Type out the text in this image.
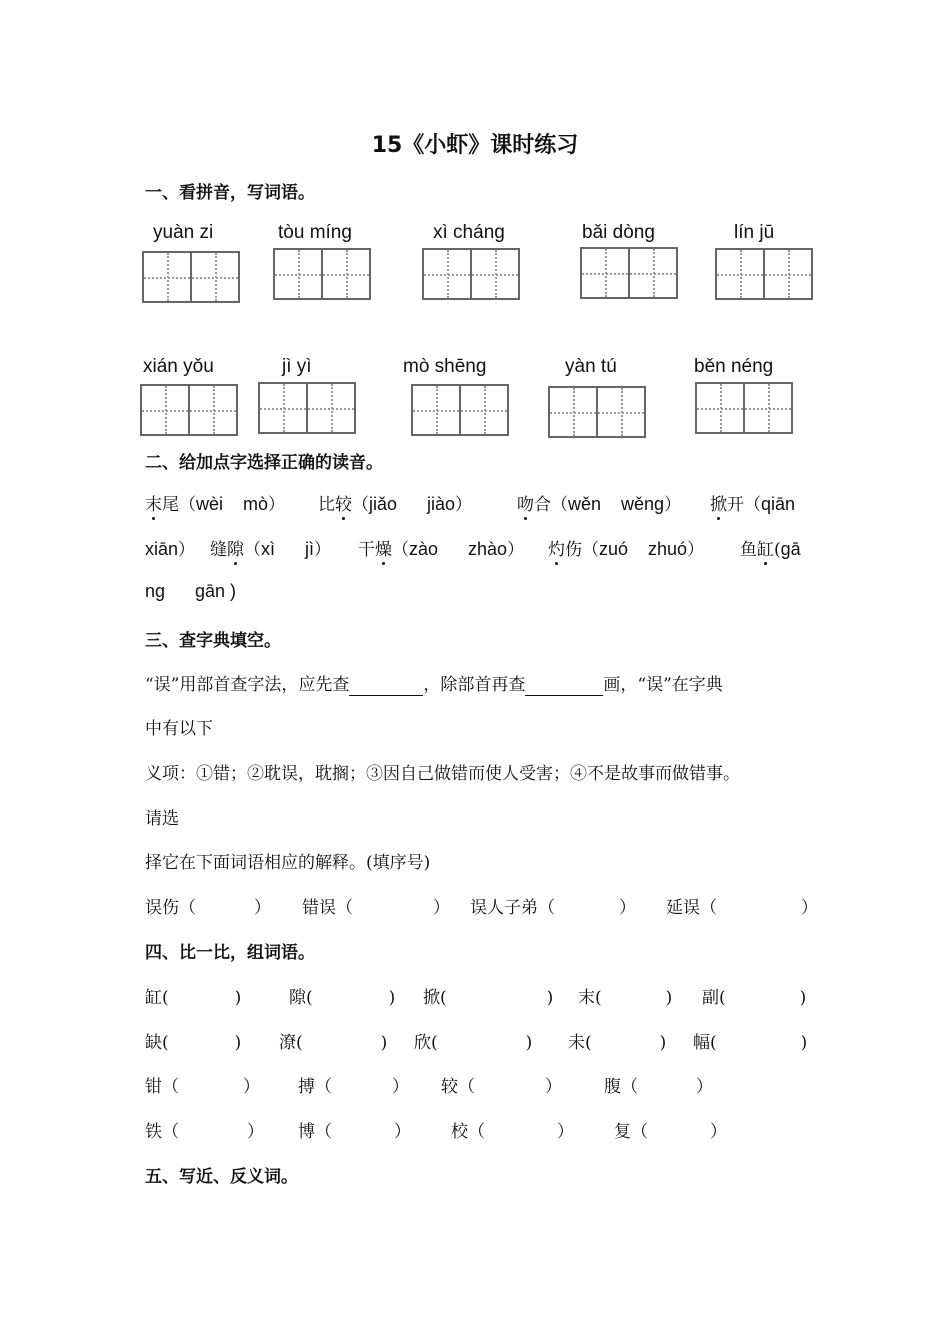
15《小虾》课时练习
一、看拼音，写词语。
yuàn zi	tòu míng	xì cháng	bǎi dòng	lín jū
xián yǒu	jì yì	mò shēng	yàn tú	běn néng
二、给加点字选择正确的读音。
末尾（wèi    mò） 比较（jiǎo      jiào）	吻合（wěn    wěng） 掀开（qiān
xiān） 缝隙（xì      jì） 干燥（zào      zhào） 灼伤（zuó    zhuó） 鱼缸(gā
ng      gān )
三、查字典填空。
“误”用部首查字法，应先查	，除部首再查	画，“误”在字典
中有以下
义项：①错；②耽误，耽搁；③因自己做错而使人受害；④不是故事而做错事。
请选
择它在下面词语相应的解释。(填序号)
误伤（	） 错误（	） 误人子弟（	） 延误（	）
四、比一比，组词语。
缸(	)	隙(	) 掀(	) 末(	) 副(	)
缺(	) 潦(	) 欣(	) 未(	) 幅(	)
钳（	） 搏（	） 较（	） 腹（	）
铁（	） 博（	） 校（	） 复（	）
五、写近、反义词。
